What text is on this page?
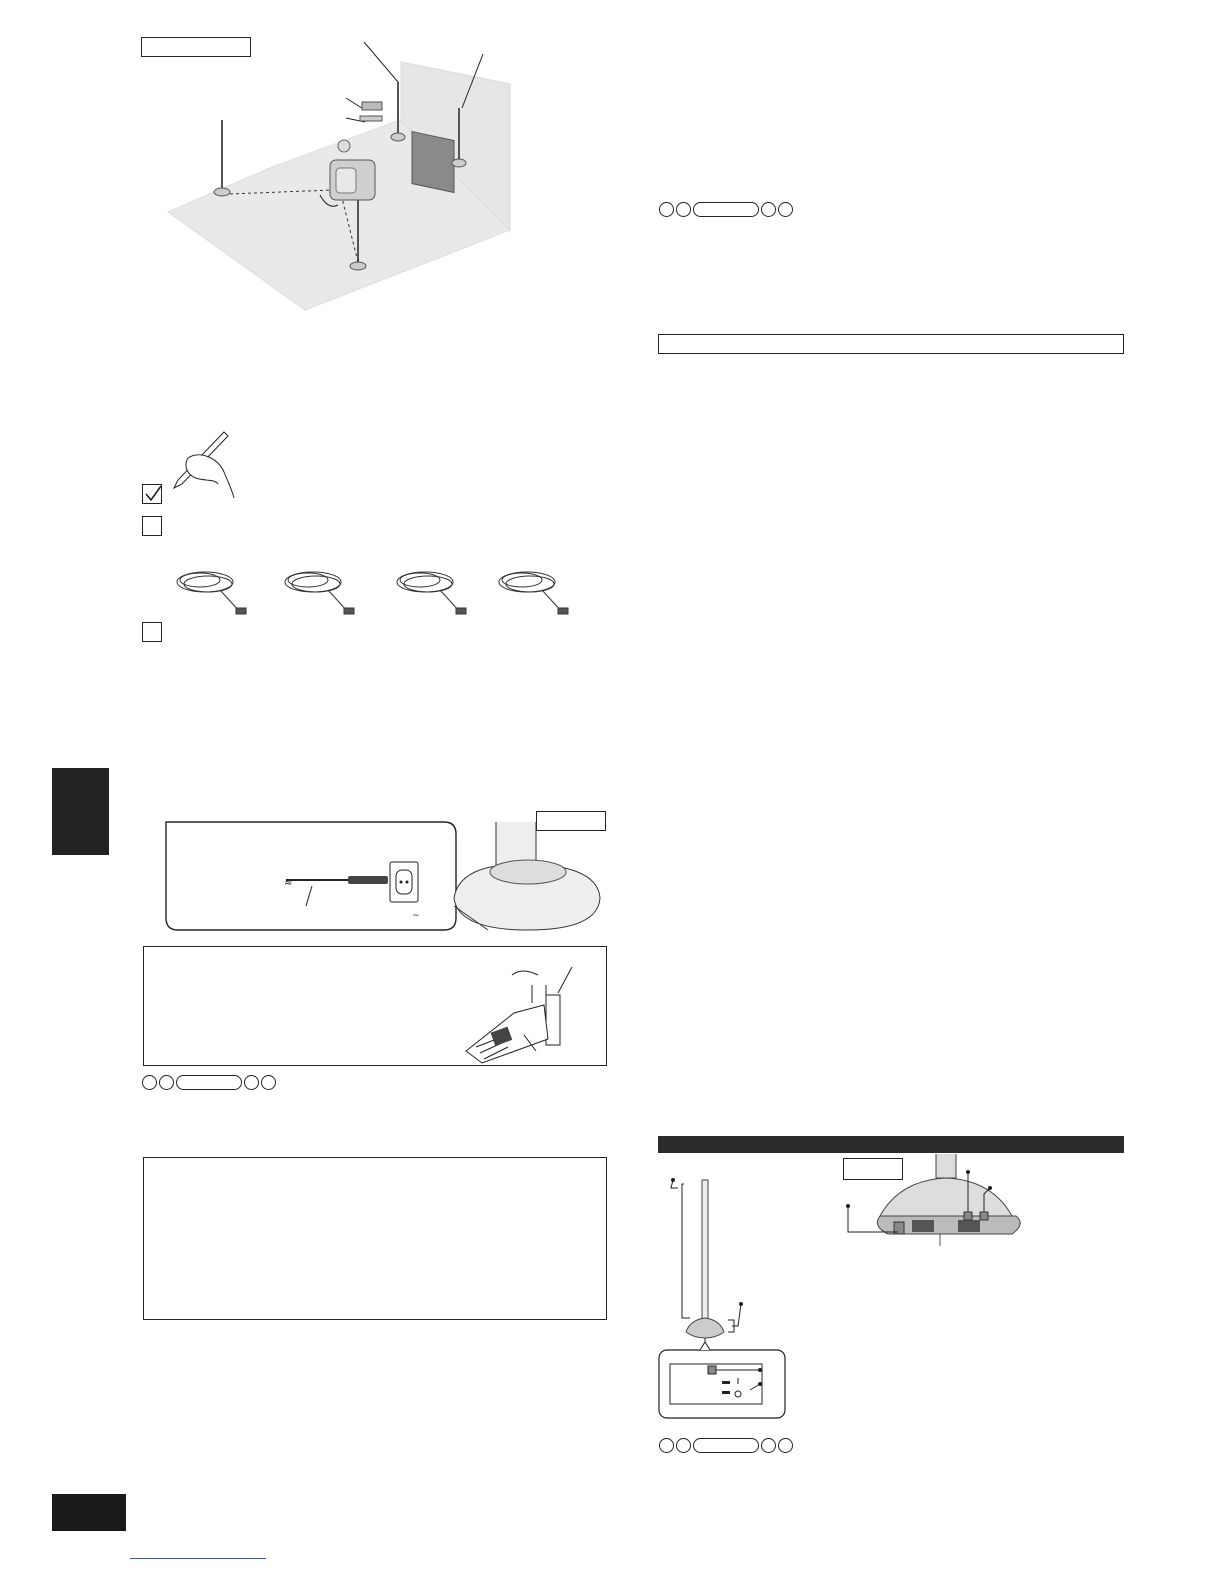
≈
~
